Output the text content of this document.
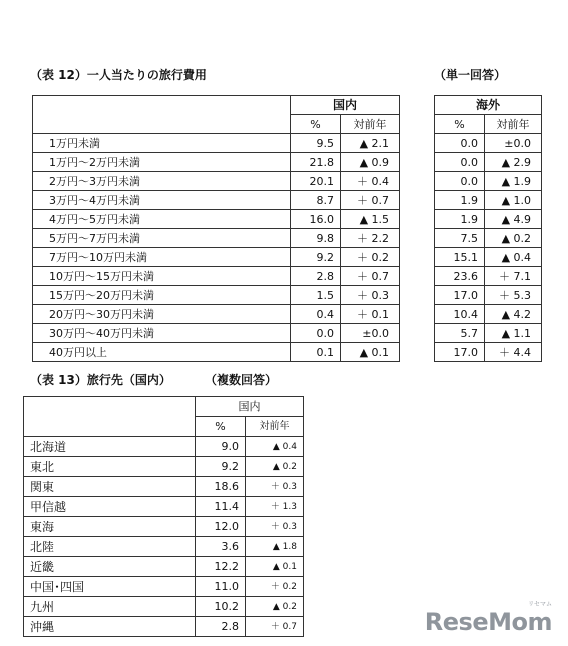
（表 12）一人当たりの旅行費用	（単一回答）
	国内	
	%	対前年
1万円未満	9.5	▲ 2.1
1万円～2万円未満	21.8	▲ 0.9
2万円～3万円未満	20.1	＋ 0.4
3万円～4万円未満	8.7	＋ 0.7
4万円～5万円未満	16.0	▲ 1.5
5万円～7万円未満	9.8	＋ 2.2
7万円～10万円未満	9.2	＋ 0.2
10万円～15万円未満	2.8	＋ 0.7
15万円～20万円未満	1.5	＋ 0.3
20万円～30万円未満	0.4	＋ 0.1
30万円～40万円未満	0.0	±0.0
40万円以上	0.1	▲ 0.1
海外	
%	対前年
0.0	±0.0
0.0	▲ 2.9
0.0	▲ 1.9
1.9	▲ 1.0
1.9	▲ 4.9
7.5	▲ 0.2
15.1	▲ 0.4
23.6	＋ 7.1
17.0	＋ 5.3
10.4	▲ 4.2
5.7	▲ 1.1
17.0	＋ 4.4
（表 13）旅行先（国内）	（複数回答）
	国内	
	%	対前年
北海道	9.0	▲ 0.4
東北	9.2	▲ 0.2
関東	18.6	＋ 0.3
甲信越	11.4	＋ 1.3
東海	12.0	＋ 0.3
北陸	3.6	▲ 1.8
近畿	12.2	▲ 0.1
中国･四国	11.0	＋ 0.2
九州	10.2	▲ 0.2
沖縄	2.8	＋ 0.7
リセマム
ReseMom
